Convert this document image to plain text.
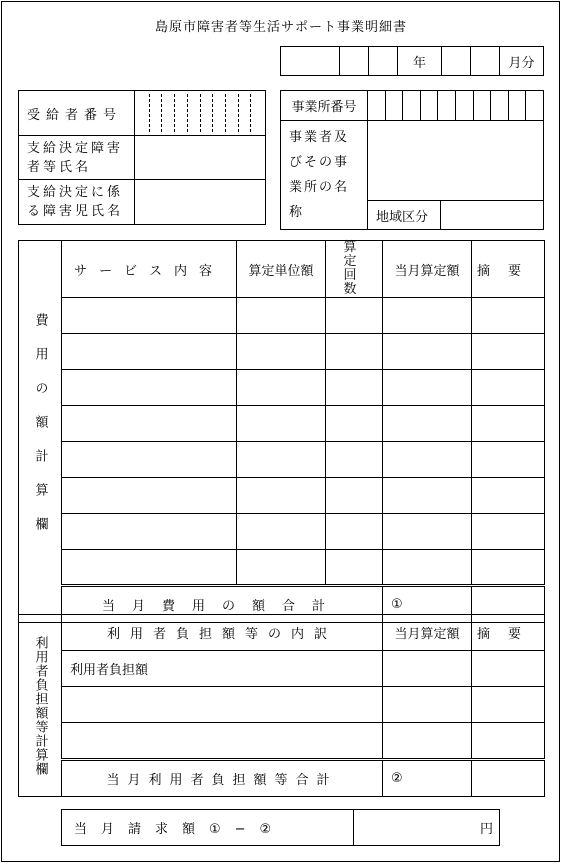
島原市障害者等生活サポート事業明細書
			年			月分
受給者番号	

支給決定障害者等氏名	
支給決定に係る障害児氏名	
事業所番号	

事業者及びその事業所の名称	地域区分
費用の額計算欄	サービス内容	算定単位額	算定回数	当月算定額	摘要

	当月費用の額合計			①	
利用者負担額等計算欄	利用者負担額等の内訳	当月算定額	摘要
	利用者負担額		

	当月利用者負担額等合計	②	
当月請求額①−②	円
